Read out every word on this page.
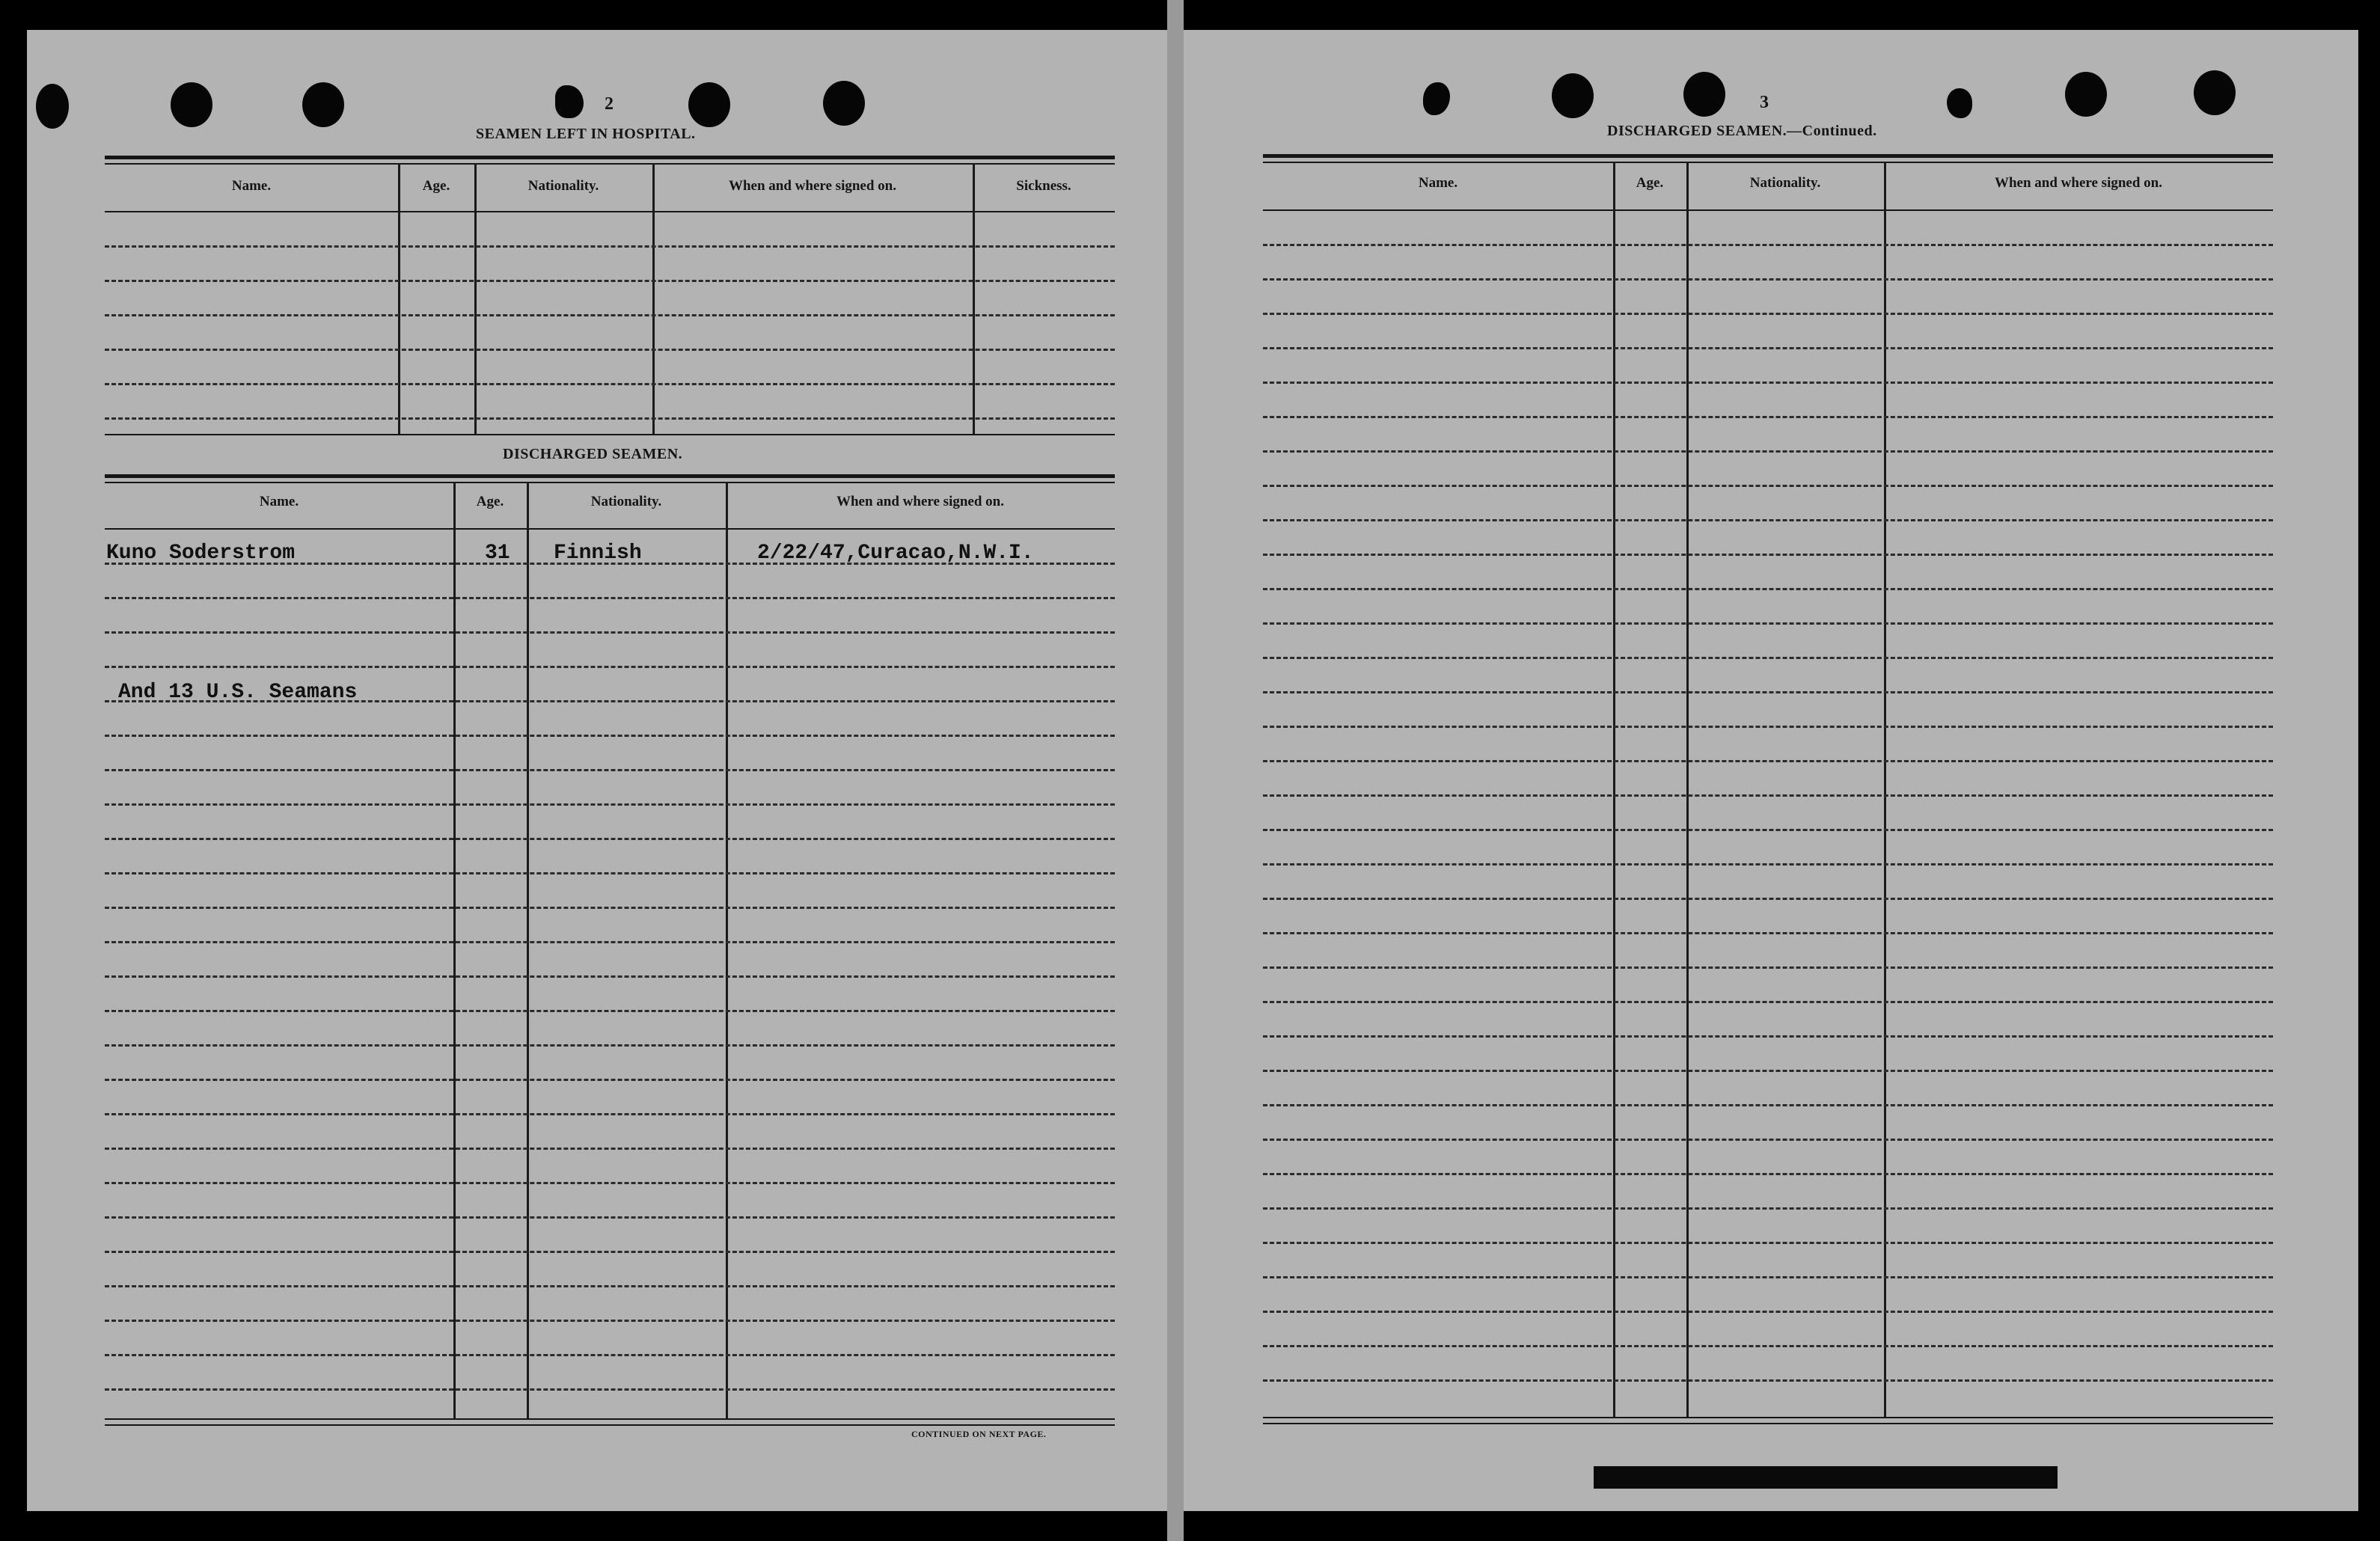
2
SEAMEN LEFT IN HOSPITAL.
Name.	Age.	Nationality.	When and where signed on.	Sickness.
DISCHARGED SEAMEN.
Name.	Age.	Nationality.	When and where signed on.
Kuno Soderstrom	31 Finnish	2/22/47,Curacao,N.W.I.
And 13 U.S. Seamans
CONTINUED ON NEXT PAGE.
3
DISCHARGED SEAMEN.—Continued.
Name.	Age.	Nationality.	When and where signed on.
